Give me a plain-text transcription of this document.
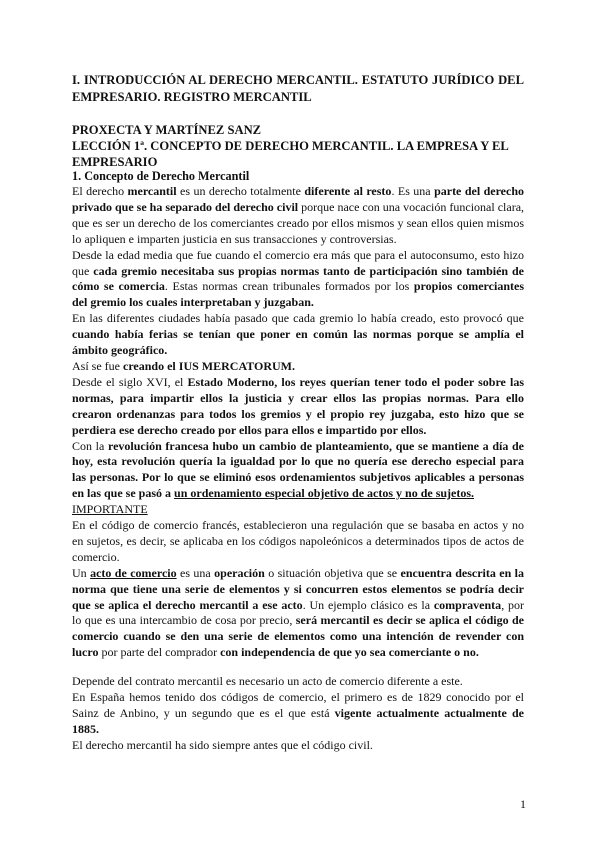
I. INTRODUCCIÓN AL DERECHO MERCANTIL. ESTATUTO JURÍDICO DEL EMPRESARIO. REGISTRO MERCANTIL

PROXECTA Y MARTÍNEZ SANZ

LECCIÓN 1ª. CONCEPTO DE DERECHO MERCANTIL. LA EMPRESA Y EL EMPRESARIO
1. Concepto de Derecho Mercantil

El derecho mercantil es un derecho totalmente diferente al resto. Es una parte del derecho privado que se ha separado del derecho civil porque nace con una vocación funcional clara, que es ser un derecho de los comerciantes creado por ellos mismos y sean ellos quien mismos lo apliquen e imparten justicia en sus transacciones y controversias.

Desde la edad media que fue cuando el comercio era más que para el autoconsumo, esto hizo que cada gremio necesitaba sus propias normas tanto de participación sino también de cómo se comercia. Estas normas crean tribunales formados por los propios comerciantes del gremio los cuales interpretaban y juzgaban.

En las diferentes ciudades había pasado que cada gremio lo había creado, esto provocó que cuando había ferias se tenían que poner en común las normas porque se amplía el ámbito geográfico.

Así se fue creando el IUS MERCATORUM.

Desde el siglo XVI, el Estado Moderno, los reyes querían tener todo el poder sobre las normas, para impartir ellos la justicia y crear ellos las propias normas. Para ello crearon ordenanzas para todos los gremios y el propio rey juzgaba, esto hizo que se perdiera ese derecho creado por ellos para ellos e impartido por ellos.

Con la revolución francesa hubo un cambio de planteamiento, que se mantiene a día de hoy, esta revolución quería la igualdad por lo que no quería ese derecho especial para las personas. Por lo que se eliminó esos ordenamientos subjetivos aplicables a personas en las que se pasó a un ordenamiento especial objetivo de actos y no de sujetos.
IMPORTANTE

En el código de comercio francés, establecieron una regulación que se basaba en actos y no en sujetos, es decir, se aplicaba en los códigos napoleónicos a determinados tipos de actos de comercio.

Un acto de comercio es una operación o situación objetiva que se encuentra descrita en la norma que tiene una serie de elementos y si concurren estos elementos se podría decir que se aplica el derecho mercantil a ese acto. Un ejemplo clásico es la compraventa, por lo que es una intercambio de cosa por precio, será mercantil es decir se aplica el código de comercio cuando se den una serie de elementos como una intención de revender con lucro por parte del comprador con independencia de que yo sea comerciante o no.

Depende del contrato mercantil es necesario un acto de comercio diferente a este.

En España hemos tenido dos códigos de comercio, el primero es de 1829 conocido por el Sainz de Anbino, y un segundo que es el que está vigente actualmente actualmente de 1885.

El derecho mercantil ha sido siempre antes que el código civil.

1
